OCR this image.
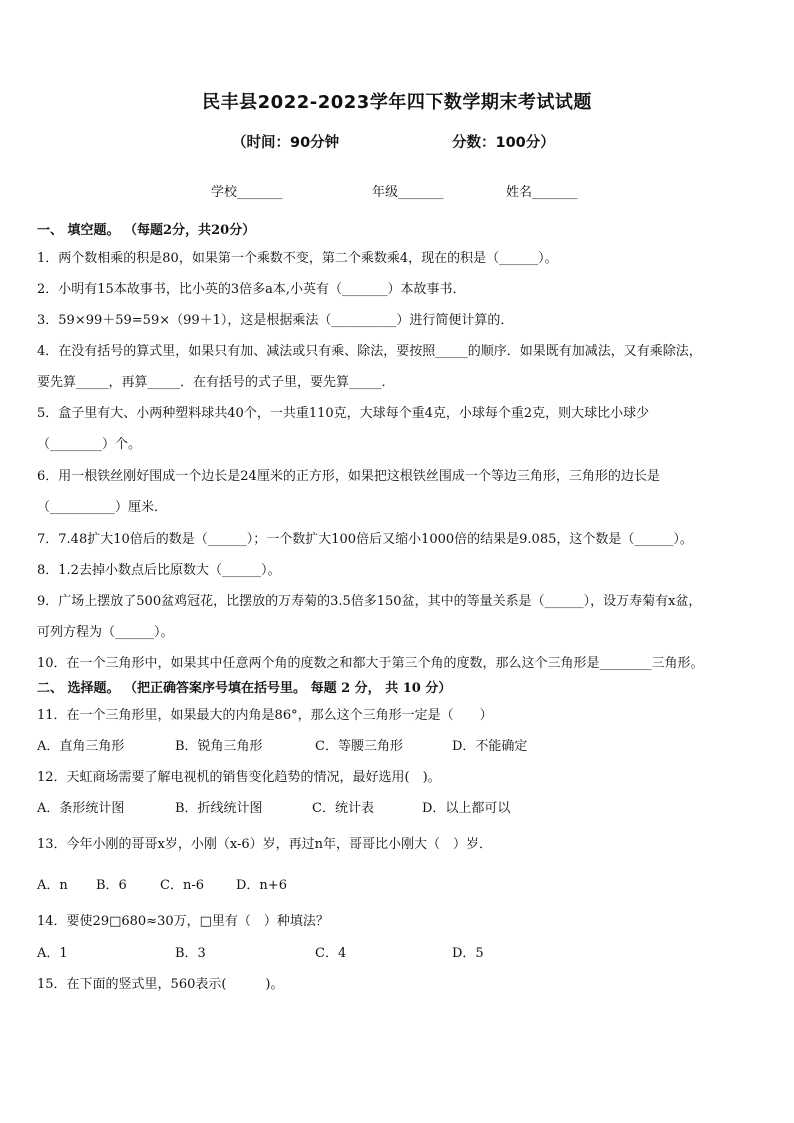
民丰县2022-2023学年四下数学期末考试试题
（时间：90分钟	分数：100分）
学校_______	年级_______	姓名_______
一、 填空题。 （每题2分，共20分）
1．两个数相乘的积是80，如果第一个乘数不变，第二个乘数乘4，现在的积是（______）。
2．小明有15本故事书，比小英的3倍多a本,小英有（_______）本故事书．
3．59×99＋59=59×（99＋1），这是根据乘法（__________）进行简便计算的．
4．在没有括号的算式里，如果只有加、减法或只有乘、除法，要按照_____的顺序．如果既有加减法，又有乘除法，
要先算_____，再算_____．在有括号的式子里，要先算_____．
5．盒子里有大、小两种塑料球共40个，一共重110克，大球每个重4克，小球每个重2克，则大球比小球少
（________）个。
6．用一根铁丝刚好围成一个边长是24厘米的正方形，如果把这根铁丝围成一个等边三角形，三角形的边长是
（__________）厘米．
7．7.48扩大10倍后的数是（______）；一个数扩大100倍后又缩小1000倍的结果是9.085，这个数是（______）。
8．1.2去掉小数点后比原数大（______）。
9．广场上摆放了500盆鸡冠花，比摆放的万寿菊的3.5倍多150盆，其中的等量关系是（______），设万寿菊有x盆，
可列方程为（______）。
10．在一个三角形中，如果其中任意两个角的度数之和都大于第三个角的度数，那么这个三角形是________三角形。
二、 选择题。 （把正确答案序号填在括号里。 每题 2 分， 共 10 分）
11．在一个三角形里，如果最大的内角是86°，那么这个三角形一定是（　　）
A．直角三角形	B．锐角三角形	C．等腰三角形	D．不能确定
12．天虹商场需要了解电视机的销售变化趋势的情况，最好选用(　)。
A．条形统计图	B．折线统计图	C．统计表	D．以上都可以
13．今年小刚的哥哥x岁，小刚（x-6）岁，再过n年，哥哥比小刚大（　）岁．
A．n B．6	C．n-6 D．n+6
14．要使29□680≈30万，□里有（　）种填法？
A．1	B．3	C．4	D．5
15．在下面的竖式里，560表示(　　　)。
